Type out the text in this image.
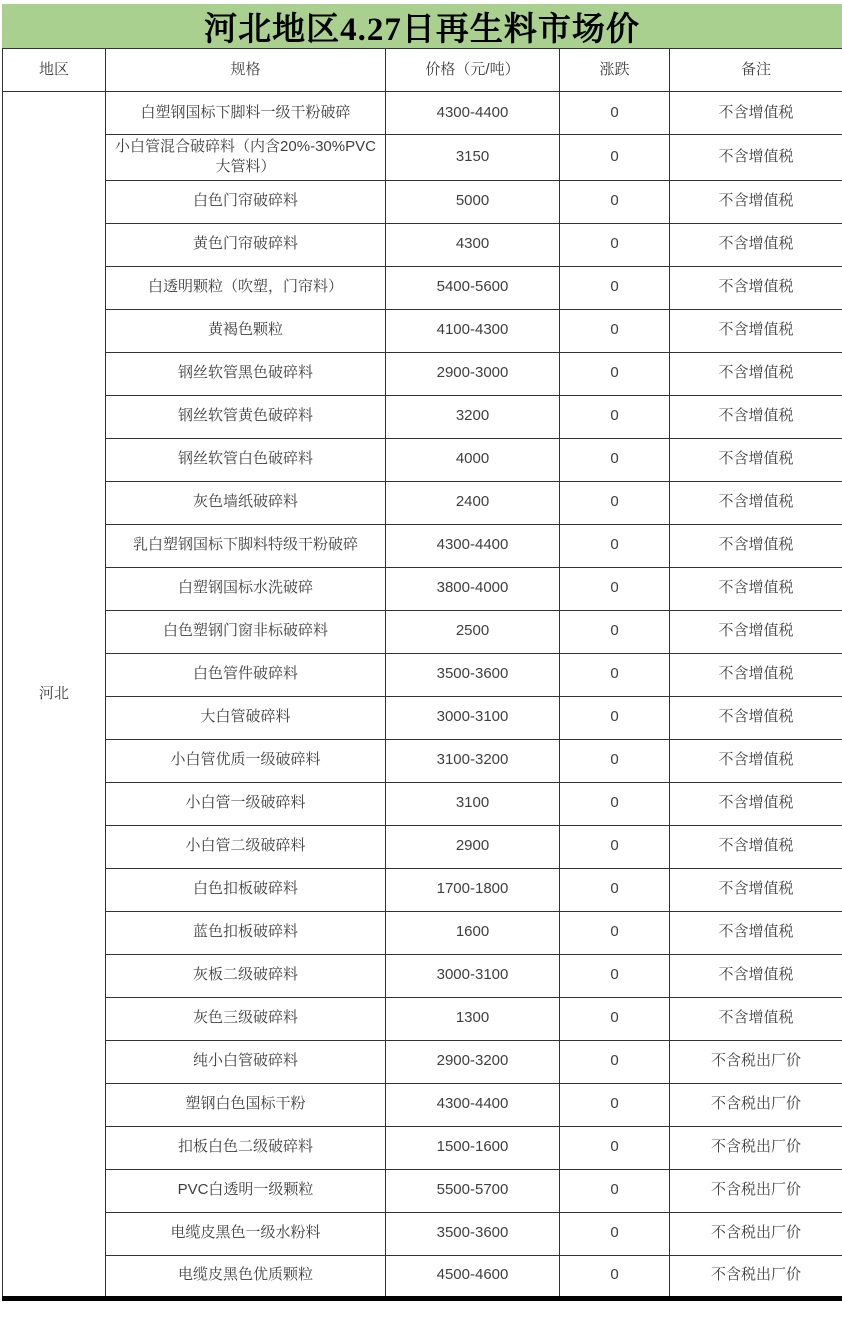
河北地区4.27日再生料市场价
地区	规格	价格（元/吨）	涨跌	备注
河北	白塑钢国标下脚料一级干粉破碎	4300-4400	0	不含增值税
	小白管混合破碎料（内含20%-30%PVC大管料）	3150	0	不含增值税
	白色门帘破碎料	5000	0	不含增值税
	黄色门帘破碎料	4300	0	不含增值税
	白透明颗粒（吹塑，门帘料）	5400-5600	0	不含增值税
	黄褐色颗粒	4100-4300	0	不含增值税
	钢丝软管黑色破碎料	2900-3000	0	不含增值税
	钢丝软管黄色破碎料	3200	0	不含增值税
	钢丝软管白色破碎料	4000	0	不含增值税
	灰色墙纸破碎料	2400	0	不含增值税
	乳白塑钢国标下脚料特级干粉破碎	4300-4400	0	不含增值税
	白塑钢国标水洗破碎	3800-4000	0	不含增值税
	白色塑钢门窗非标破碎料	2500	0	不含增值税
	白色管件破碎料	3500-3600	0	不含增值税
	大白管破碎料	3000-3100	0	不含增值税
	小白管优质一级破碎料	3100-3200	0	不含增值税
	小白管一级破碎料	3100	0	不含增值税
	小白管二级破碎料	2900	0	不含增值税
	白色扣板破碎料	1700-1800	0	不含增值税
	蓝色扣板破碎料	1600	0	不含增值税
	灰板二级破碎料	3000-3100	0	不含增值税
	灰色三级破碎料	1300	0	不含增值税
	纯小白管破碎料	2900-3200	0	不含税出厂价
	塑钢白色国标干粉	4300-4400	0	不含税出厂价
	扣板白色二级破碎料	1500-1600	0	不含税出厂价
	PVC白透明一级颗粒	5500-5700	0	不含税出厂价
	电缆皮黑色一级水粉料	3500-3600	0	不含税出厂价
	电缆皮黑色优质颗粒	4500-4600	0	不含税出厂价
